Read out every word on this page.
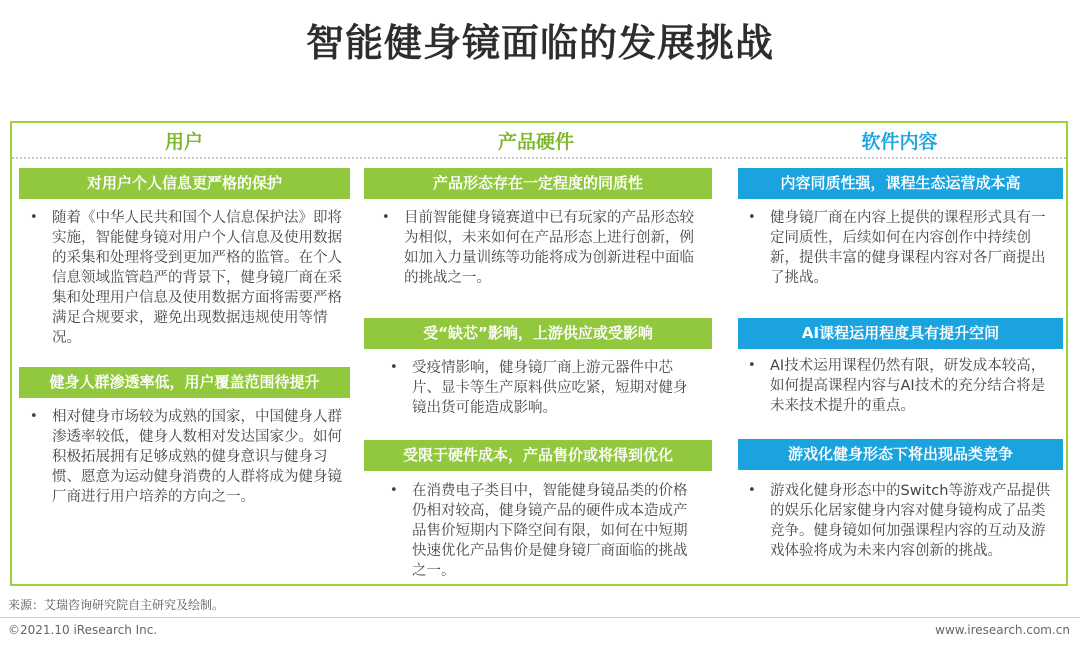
智能健身镜面临的发展挑战
用户	产品硬件	软件内容
对用户个人信息更严格的保护
• 随着《中华人民共和国个人信息保护法》即将实施，智能健身镜对用户个人信息及使用数据的采集和处理将受到更加严格的监管。在个人信息领域监管趋严的背景下，健身镜厂商在采集和处理用户信息及使用数据方面将需要严格满足合规要求，避免出现数据违规使用等情况。
健身人群渗透率低，用户覆盖范围待提升
• 相对健身市场较为成熟的国家，中国健身人群渗透率较低，健身人数相对发达国家少。如何积极拓展拥有足够成熟的健身意识与健身习惯、愿意为运动健身消费的人群将成为健身镜厂商进行用户培养的方向之一。
产品形态存在一定程度的同质性
• 目前智能健身镜赛道中已有玩家的产品形态较为相似，未来如何在产品形态上进行创新，例如加入力量训练等功能将成为创新进程中面临的挑战之一。
受“缺芯”影响，上游供应或受影响
• 受疫情影响，健身镜厂商上游元器件中芯片、显卡等生产原料供应吃紧，短期对健身镜出货可能造成影响。
受限于硬件成本，产品售价或将得到优化
• 在消费电子类目中，智能健身镜品类的价格仍相对较高，健身镜产品的硬件成本造成产品售价短期内下降空间有限，如何在中短期快速优化产品售价是健身镜厂商面临的挑战之一。
内容同质性强，课程生态运营成本高
• 健身镜厂商在内容上提供的课程形式具有一定同质性，后续如何在内容创作中持续创新，提供丰富的健身课程内容对各厂商提出了挑战。
AI课程运用程度具有提升空间
• AI技术运用课程仍然有限，研发成本较高，如何提高课程内容与AI技术的充分结合将是未来技术提升的重点。
游戏化健身形态下将出现品类竞争
• 游戏化健身形态中的Switch等游戏产品提供的娱乐化居家健身内容对健身镜构成了品类竞争。健身镜如何加强课程内容的互动及游戏体验将成为未来内容创新的挑战。
来源：艾瑞咨询研究院自主研究及绘制。
©2021.10 iResearch Inc.	www.iresearch.com.cn
